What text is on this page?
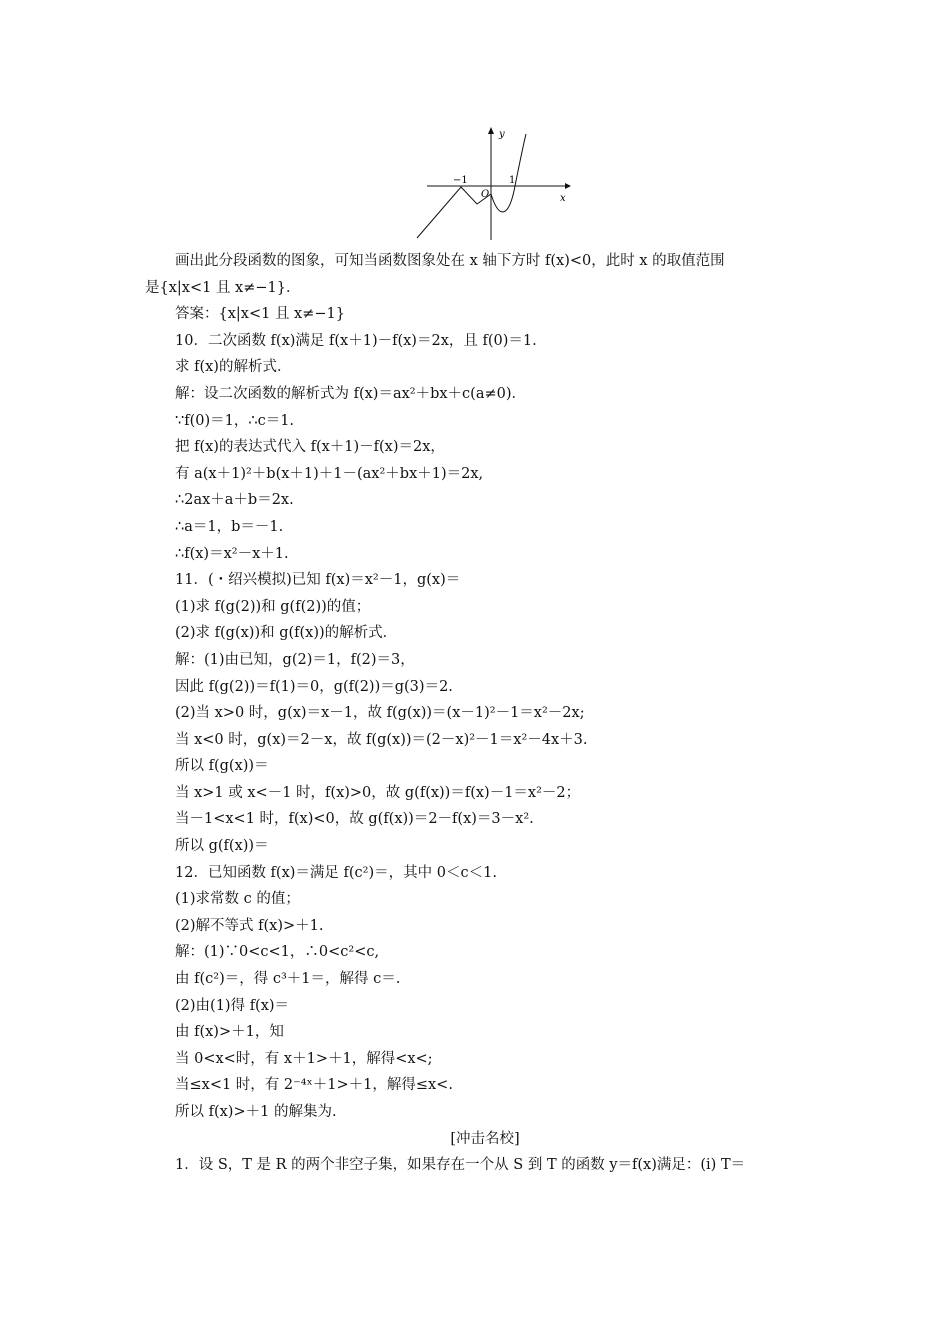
y
x
O
−1	1
画出此分段函数的图象，可知当函数图象处在 x 轴下方时 f(x)<0，此时 x 的取值范围
是{x|x<1 且 x≠−1}．
答案：{x|x<1 且 x≠−1}
10．二次函数 f(x)满足 f(x＋1)－f(x)＝2x，且 f(0)＝1.
求 f(x)的解析式．
解：设二次函数的解析式为 f(x)＝ax²＋bx＋c(a≠0)．
∵f(0)＝1，∴c＝1.
把 f(x)的表达式代入 f(x＋1)－f(x)＝2x，
有 a(x＋1)²＋b(x＋1)＋1－(ax²＋bx＋1)＝2x,
∴2ax＋a＋b＝2x.
∴a＝1，b＝－1.
∴f(x)＝x²－x＋1.
11．(・绍兴模拟)已知 f(x)＝x²－1，g(x)＝
(1)求 f(g(2))和 g(f(2))的值；
(2)求 f(g(x))和 g(f(x))的解析式．
解：(1)由已知，g(2)＝1，f(2)＝3，
因此 f(g(2))＝f(1)＝0，g(f(2))＝g(3)＝2.
(2)当 x>0 时，g(x)＝x－1，故 f(g(x))＝(x－1)²－1＝x²－2x;
当 x<0 时，g(x)＝2－x，故 f(g(x))＝(2－x)²－1＝x²－4x＋3.
所以 f(g(x))＝
当 x>1 或 x<－1 时，f(x)>0，故 g(f(x))＝f(x)－1＝x²－2；
当－1<x<1 时，f(x)<0，故 g(f(x))＝2－f(x)＝3－x².
所以 g(f(x))＝
12．已知函数 f(x)＝满足 f(c²)＝，其中 0＜c＜1.
(1)求常数 c 的值；
(2)解不等式 f(x)>＋1.
解：(1)∵0<c<1，∴0<c²<c,
由 f(c²)＝，得 c³＋1＝，解得 c＝.
(2)由(1)得 f(x)＝
由 f(x)>＋1，知
当 0<x<时，有 x＋1>＋1，解得<x<;
当≤x<1 时，有 2⁻⁴ˣ＋1>＋1，解得≤x<.
所以 f(x)>＋1 的解集为.
[冲击名校]
1．设 S，T 是 R 的两个非空子集，如果存在一个从 S 到 T 的函数 y＝f(x)满足：(i) T＝
